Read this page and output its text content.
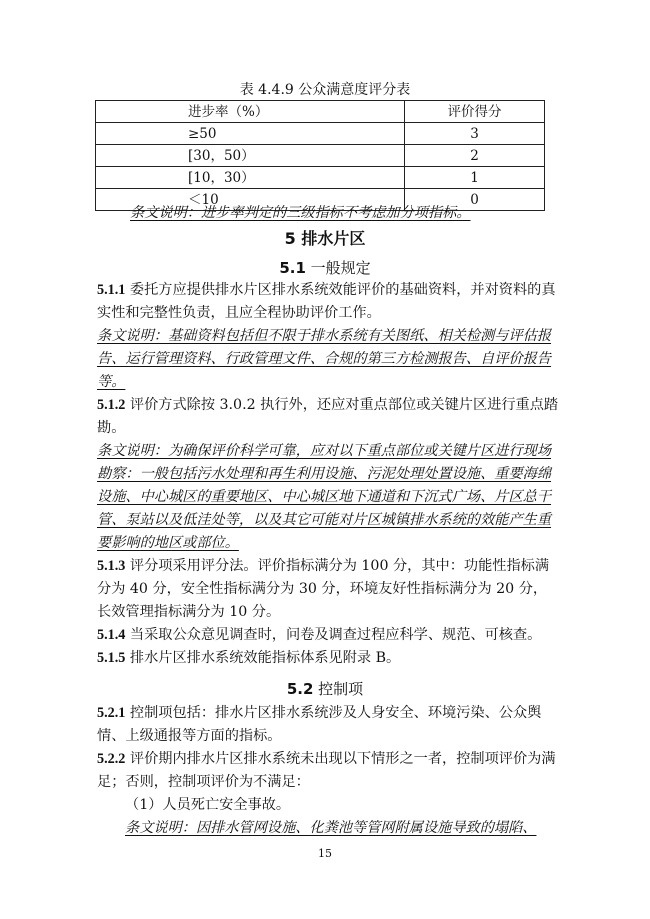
表 4.4.9 公众满意度评分表
进步率（%）	评价得分
≥50	3
[30，50）	2
[10，30）	1
＜10	0

条文说明：进步率判定的三级指标不考虑加分项指标。

5 排水片区
5.1 一般规定

5.1.1 委托方应提供排水片区排水系统效能评价的基础资料，并对资料的真实性和完整性负责，且应全程协助评价工作。

条文说明：基础资料包括但不限于排水系统有关图纸、相关检测与评估报告、运行管理资料、行政管理文件、合规的第三方检测报告、自评价报告等。

5.1.2 评价方式除按 3.0.2 执行外，还应对重点部位或关键片区进行重点踏勘。

条文说明：为确保评价科学可靠，应对以下重点部位或关键片区进行现场勘察：一般包括污水处理和再生利用设施、污泥处理处置设施、重要海绵设施、中心城区的重要地区、中心城区地下通道和下沉式广场、片区总干管、泵站以及低洼处等，以及其它可能对片区城镇排水系统的效能产生重要影响的地区或部位。

5.1.3 评分项采用评分法。评价指标满分为 100 分，其中：功能性指标满分为 40 分，安全性指标满分为 30 分，环境友好性指标满分为 20 分，长效管理指标满分为 10 分。

5.1.4 当采取公众意见调查时，问卷及调查过程应科学、规范、可核查。

5.1.5 排水片区排水系统效能指标体系见附录 B。

5.2 控制项

5.2.1 控制项包括：排水片区排水系统涉及人身安全、环境污染、公众舆情、上级通报等方面的指标。

5.2.2 评价期内排水片区排水系统未出现以下情形之一者，控制项评价为满足；否则，控制项评价为不满足：

（1）人员死亡安全事故。

条文说明：因排水管网设施、化粪池等管网附属设施导致的塌陷、

15
